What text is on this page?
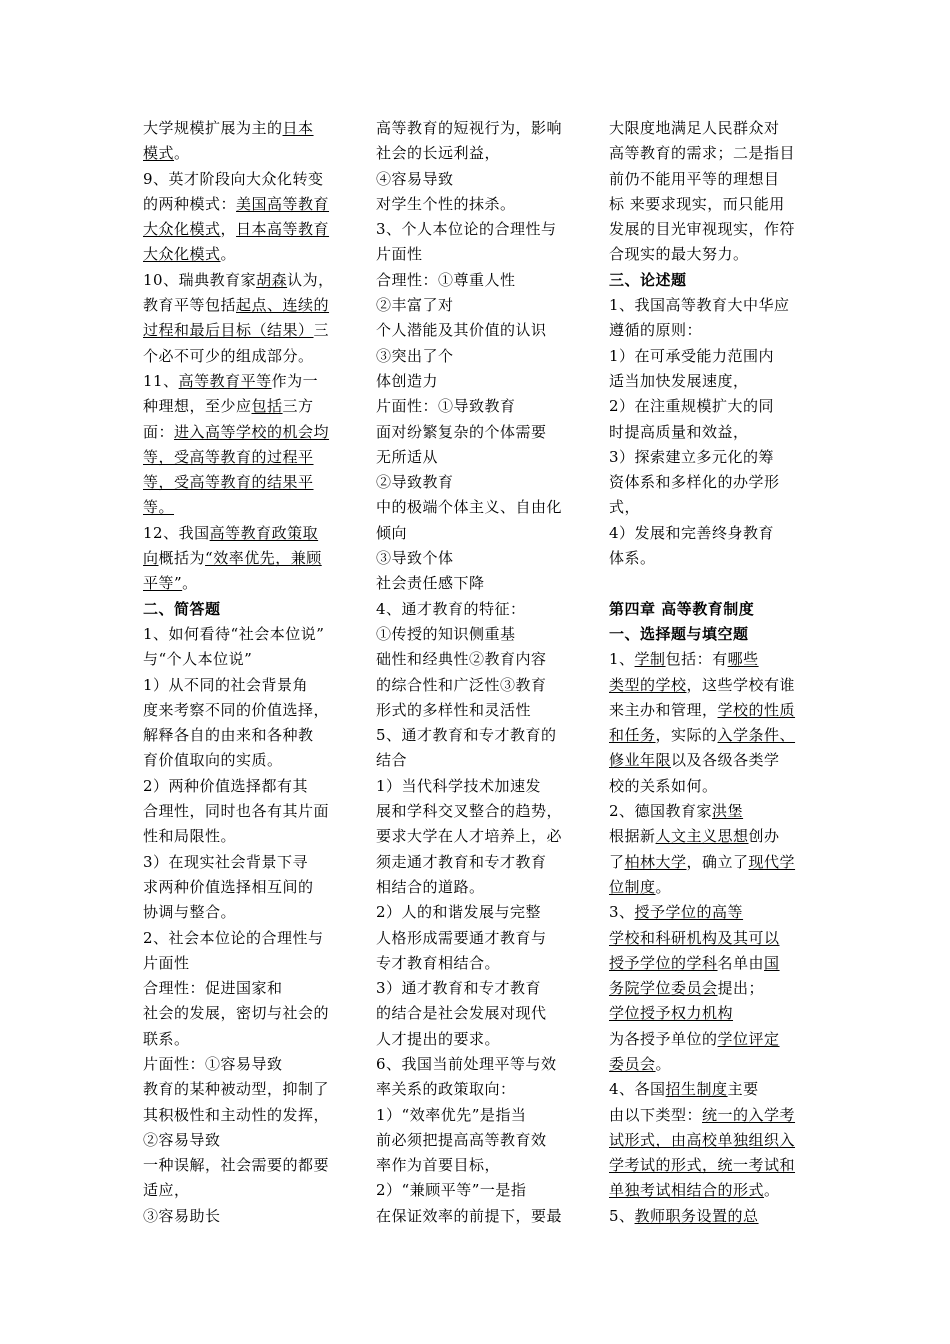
大学规模扩展为主的日本
模式。
9、英才阶段向大众化转变
的两种模式：美国高等教育
大众化模式，日本高等教育
大众化模式。
10、瑞典教育家胡森认为，
教育平等包括起点、连续的
过程和最后目标（结果）三
个必不可少的组成部分。
11、高等教育平等作为一
种理想，至少应包括三方
面：进入高等学校的机会均
等，受高等教育的过程平
等，受高等教育的结果平
等。
12、我国高等教育政策取
向概括为“效率优先，兼顾
平等”。
二、简答题
1、如何看待“社会本位说”
与“个人本位说”
1）从不同的社会背景角
度来考察不同的价值选择，
解释各自的由来和各种教
育价值取向的实质。
2）两种价值选择都有其
合理性，同时也各有其片面
性和局限性。
3）在现实社会背景下寻
求两种价值选择相互间的
协调与整合。
2、社会本位论的合理性与
片面性
合理性：促进国家和
社会的发展，密切与社会的
联系。
片面性：①容易导致
教育的某种被动型，抑制了
其积极性和主动性的发挥，
②容易导致
一种误解，社会需要的都要
适应，
③容易助长
高等教育的短视行为，影响
社会的长远利益，
④容易导致
对学生个性的抹杀。
3、个人本位论的合理性与
片面性
合理性：①尊重人性
②丰富了对
个人潜能及其价值的认识
③突出了个
体创造力
片面性：①导致教育
面对纷繁复杂的个体需要
无所适从
②导致教育
中的极端个体主义、自由化
倾向
③导致个体
社会责任感下降
4、通才教育的特征：
①传授的知识侧重基
础性和经典性②教育内容
的综合性和广泛性③教育
形式的多样性和灵活性
5、通才教育和专才教育的
结合
1）当代科学技术加速发
展和学科交叉整合的趋势，
要求大学在人才培养上，必
须走通才教育和专才教育
相结合的道路。
2）人的和谐发展与完整
人格形成需要通才教育与
专才教育相结合。
3）通才教育和专才教育
的结合是社会发展对现代
人才提出的要求。
6、我国当前处理平等与效
率关系的政策取向：
1）“效率优先”是指当
前必须把提高高等教育效
率作为首要目标，
2）“兼顾平等”一是指
在保证效率的前提下，要最
大限度地满足人民群众对
高等教育的需求；二是指目
前仍不能用平等的理想目
标 来要求现实，而只能用
发展的目光审视现实，作符
合现实的最大努力。
三、论述题
1、我国高等教育大中华应
遵循的原则：
1）在可承受能力范围内
适当加快发展速度，
2）在注重规模扩大的同
时提高质量和效益，
3）探索建立多元化的筹
资体系和多样化的办学形
式，
4）发展和完善终身教育
体系。

第四章 高等教育制度
一、选择题与填空题
1、学制包括：有哪些
类型的学校，这些学校有谁
来主办和管理，学校的性质
和任务，实际的入学条件、
修业年限以及各级各类学
校的关系如何。
2、德国教育家洪堡
根据新人文主义思想创办
了柏林大学，确立了现代学
位制度。
3、授予学位的高等
学校和科研机构及其可以
授予学位的学科名单由国
务院学位委员会提出；
学位授予权力机构
为各授予单位的学位评定
委员会。
4、各国招生制度主要
由以下类型：统一的入学考
试形式，由高校单独组织入
学考试的形式，统一考试和
单独考试相结合的形式。
5、教师职务设置的总
